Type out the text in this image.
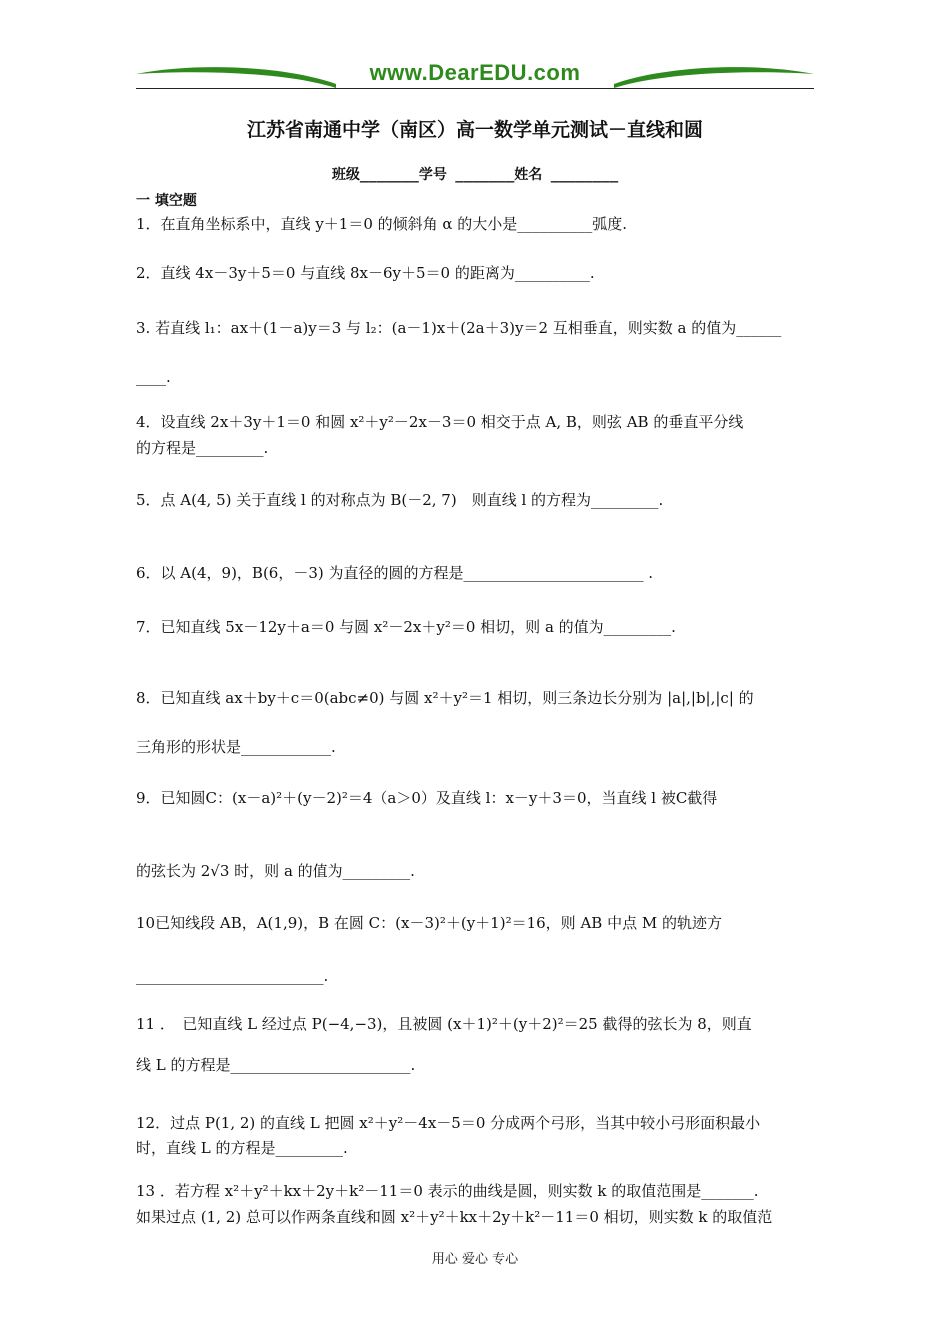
www.DearEDU.com
江苏省南通中学（南区）高一数学单元测试－直线和圆
班级_______学号 _______姓名 ________
一 填空题
1．在直角坐标系中，直线 y＋1＝0 的倾斜角 α 的大小是__________弧度.
2．直线 4x－3y＋5＝0 与直线 8x－6y＋5＝0 的距离为__________.
3. 若直线 l₁：ax＋(1－a)y＝3 与 l₂：(a－1)x＋(2a＋3)y＝2 互相垂直，则实数 a 的值为______
____.
4．设直线 2x＋3y＋1＝0 和圆 x²＋y²－2x－3＝0 相交于点 A, B，则弦 AB 的垂直平分线
的方程是_________.
5．点 A(4, 5) 关于直线 l 的对称点为 B(－2, 7)　则直线 l 的方程为_________.
6．以 A(4，9)，B(6，－3) 为直径的圆的方程是________________________ .
7．已知直线 5x－12y＋a＝0 与圆 x²－2x＋y²＝0 相切，则 a 的值为_________.
8．已知直线 ax＋by＋c＝0(abc≠0) 与圆 x²＋y²＝1 相切，则三条边长分别为 |a|,|b|,|c| 的
三角形的形状是____________.
9．已知圆C：(x－a)²＋(y－2)²＝4（a＞0）及直线 l：x－y＋3＝0，当直线 l 被C截得
的弦长为 2√3 时，则 a 的值为_________.
10已知线段 AB，A(1,9)，B 在圆 C：(x－3)²＋(y＋1)²＝16，则 AB 中点 M 的轨迹方
_________________________.
11 ．　已知直线 L 经过点 P(−4,−3)，且被圆 (x＋1)²＋(y＋2)²＝25 截得的弦长为 8，则直
线 L 的方程是________________________.
12．过点 P(1, 2) 的直线 L 把圆 x²＋y²－4x－5＝0 分成两个弓形，当其中较小弓形面积最小
时，直线 L 的方程是_________.
13 ．若方程 x²＋y²＋kx＋2y＋k²－11＝0 表示的曲线是圆，则实数 k 的取值范围是_______.
如果过点 (1, 2) 总可以作两条直线和圆 x²＋y²＋kx＋2y＋k²－11＝0 相切，则实数 k 的取值范
用心 爱心 专心
